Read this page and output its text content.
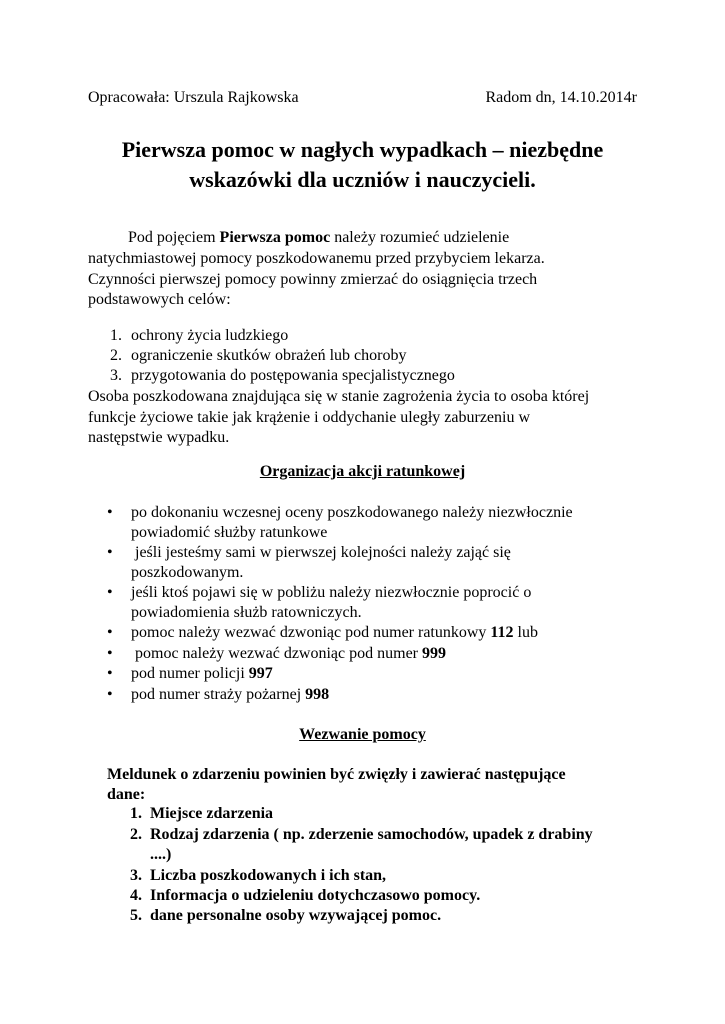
Opracowała: Urszula Rajkowska	Radom dn, 14.10.2014r
Pierwsza pomoc w nagłych wypadkach – niezbędne
wskazówki dla uczniów i nauczycieli.
Pod pojęciem Pierwsza pomoc należy rozumieć udzielenie
natychmiastowej pomocy poszkodowanemu przed przybyciem lekarza.
Czynności pierwszej pomocy powinny zmierzać do osiągnięcia trzech
podstawowych celów:
1. ochrony życia ludzkiego
2. ograniczenie skutków obrażeń lub choroby
3. przygotowania do postępowania specjalistycznego
Osoba poszkodowana znajdująca się w stanie zagrożenia życia to osoba której
funkcje życiowe takie jak krążenie i oddychanie uległy zaburzeniu w
następstwie wypadku.
Organizacja akcji ratunkowej
• po dokonaniu wczesnej oceny poszkodowanego należy niezwłocznie
powiadomić służby ratunkowe
• jeśli jesteśmy sami w pierwszej kolejności należy zająć się
poszkodowanym.
• jeśli ktoś pojawi się w pobliżu należy niezwłocznie poprocić o
powiadomienia służb ratowniczych.
• pomoc należy wezwać dzwoniąc pod numer ratunkowy 112 lub
• pomoc należy wezwać dzwoniąc pod numer 999
• pod numer policji 997
• pod numer straży pożarnej 998
Wezwanie pomocy
Meldunek o zdarzeniu powinien być zwięzły i zawierać następujące
dane:
1. Miejsce zdarzenia
2. Rodzaj zdarzenia ( np. zderzenie samochodów, upadek z drabiny
....)
3. Liczba poszkodowanych i ich stan,
4. Informacja o udzieleniu dotychczasowo pomocy.
5. dane personalne osoby wzywającej pomoc.
